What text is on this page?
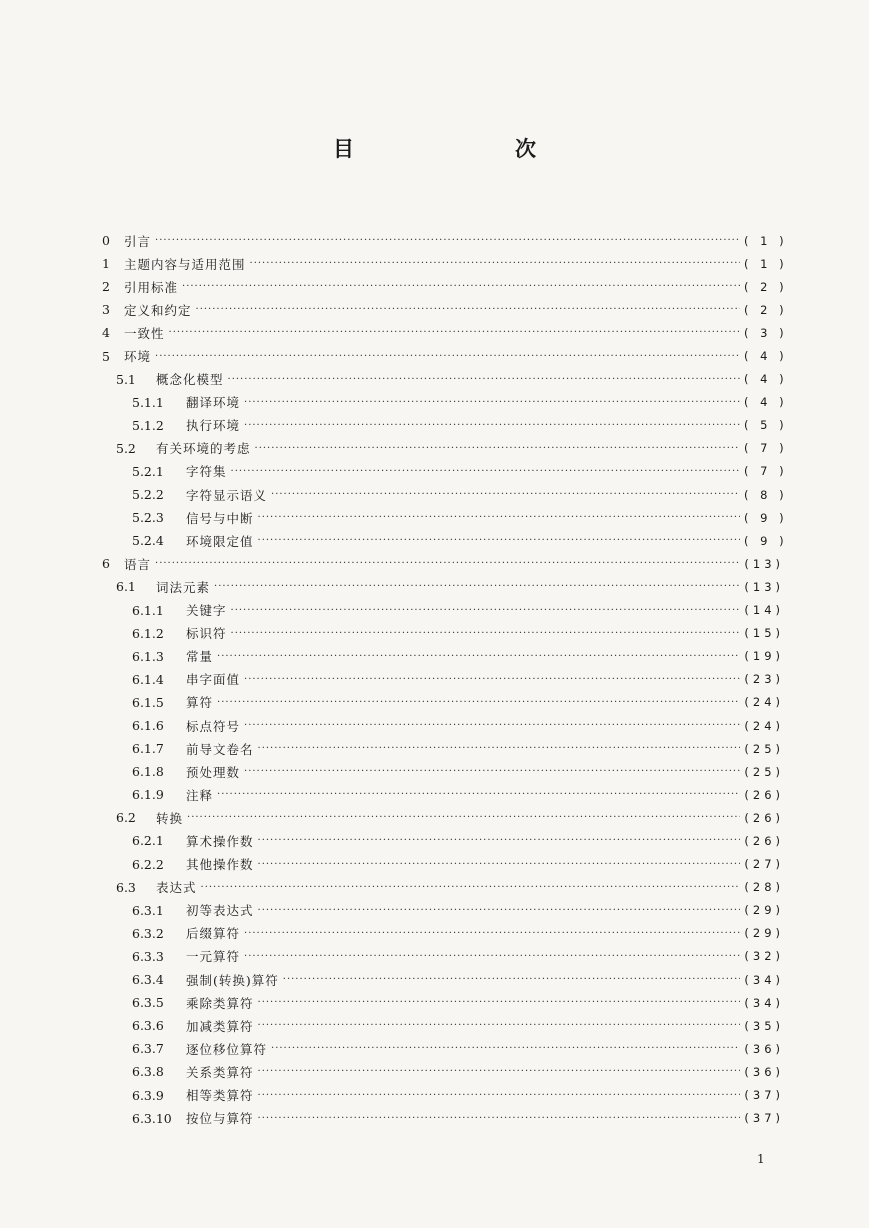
目　次
0	引言 ·····	( 1 )
1	主题内容与适用范围 ·····	( 1 )
2	引用标准 ·····	( 2 )
3	定义和约定 ·····	( 2 )
4	一致性 ·····	( 3 )
5	环境 ·····	( 4 )
5.1	概念化模型 ·····	( 4 )
5.1.1	翻译环境 ·····	( 4 )
5.1.2	执行环境 ·····	( 5 )
5.2	有关环境的考虑 ·····	( 7 )
5.2.1	字符集 ·····	( 7 )
5.2.2	字符显示语义 ·····	( 8 )
5.2.3	信号与中断 ·····	( 9 )
5.2.4	环境限定值 ·····	( 9 )
6	语言 ·····	(13)
6.1	词法元素 ·····	(13)
6.1.1	关键字 ·····	(14)
6.1.2	标识符 ·····	(15)
6.1.3	常量 ·····	(19)
6.1.4	串字面值 ·····	(23)
6.1.5	算符 ·····	(24)
6.1.6	标点符号 ·····	(24)
6.1.7	前导文卷名 ·····	(25)
6.1.8	预处理数 ·····	(25)
6.1.9	注释 ·····	(26)
6.2	转换 ·····	(26)
6.2.1	算术操作数 ·····	(26)
6.2.2	其他操作数 ·····	(27)
6.3	表达式 ·····	(28)
6.3.1	初等表达式 ·····	(29)
6.3.2	后缀算符 ·····	(29)
6.3.3	一元算符 ·····	(32)
6.3.4	强制(转换)算符 ·····	(34)
6.3.5	乘除类算符 ·····	(34)
6.3.6	加减类算符 ·····	(35)
6.3.7	逐位移位算符 ·····	(36)
6.3.8	关系类算符 ·····	(36)
6.3.9	相等类算符 ·····	(37)
6.3.10	按位与算符 ·····	(37)
1
